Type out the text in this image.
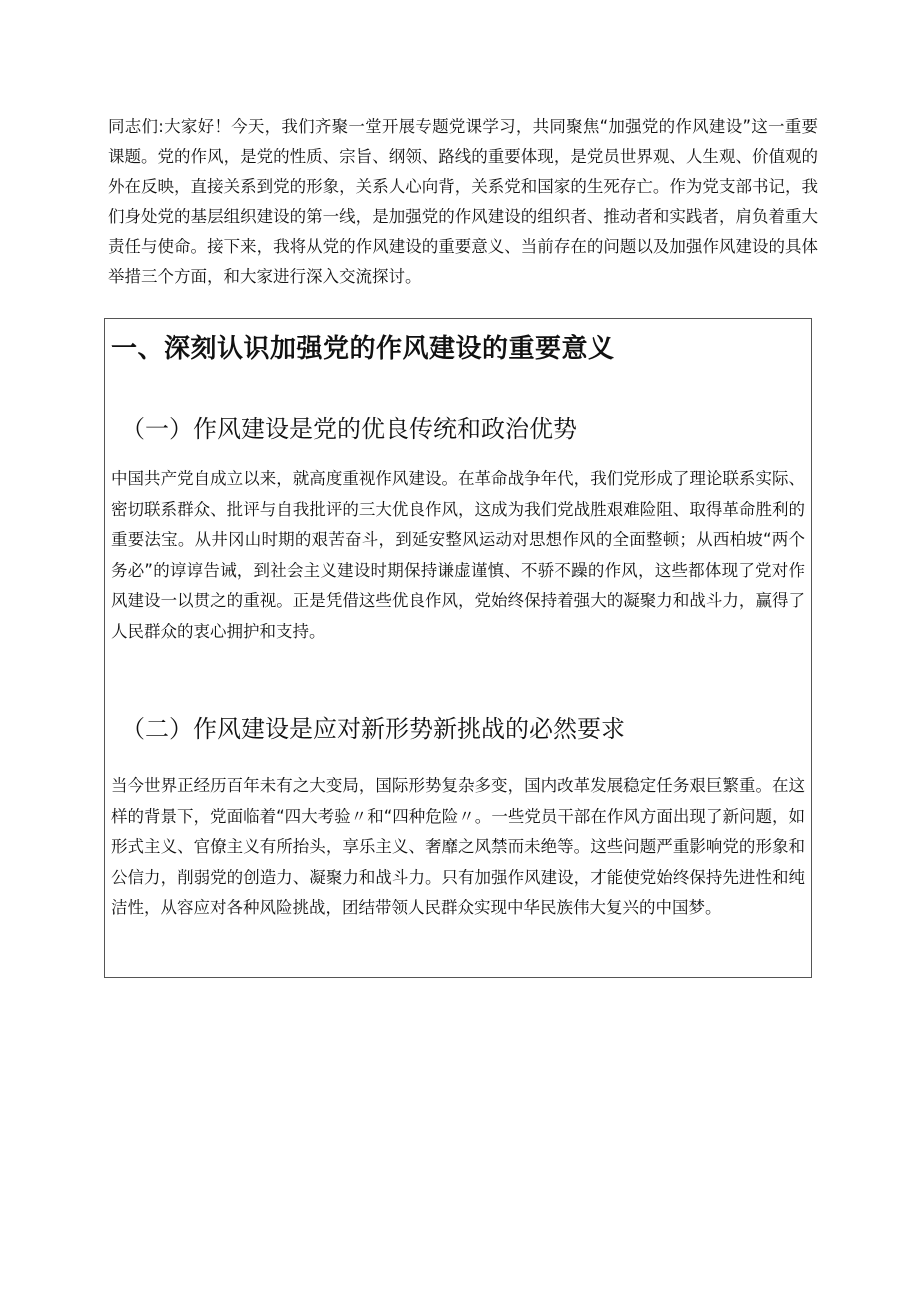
同志们:大家好！今天，我们齐聚一堂开展专题党课学习，共同聚焦“加强党的作风建设”这一重要课题。党的作风，是党的性质、宗旨、纲领、路线的重要体现，是党员世界观、人生观、价值观的外在反映，直接关系到党的形象，关系人心向背，关系党和国家的生死存亡。作为党支部书记，我们身处党的基层组织建设的第一线，是加强党的作风建设的组织者、推动者和实践者，肩负着重大责任与使命。接下来，我将从党的作风建设的重要意义、当前存在的问题以及加强作风建设的具体举措三个方面，和大家进行深入交流探讨。

一、深刻认识加强党的作风建设的重要意义
（一）作风建设是党的优良传统和政治优势

中国共产党自成立以来，就高度重视作风建设。在革命战争年代，我们党形成了理论联系实际、密切联系群众、批评与自我批评的三大优良作风，这成为我们党战胜艰难险阻、取得革命胜利的重要法宝。从井冈山时期的艰苦奋斗，到延安整风运动对思想作风的全面整顿；从西柏坡“两个务必”的谆谆告诫，到社会主义建设时期保持谦虚谨慎、不骄不躁的作风，这些都体现了党对作风建设一以贯之的重视。正是凭借这些优良作风，党始终保持着强大的凝聚力和战斗力，赢得了人民群众的衷心拥护和支持。

（二）作风建设是应对新形势新挑战的必然要求

当今世界正经历百年未有之大变局，国际形势复杂多变，国内改革发展稳定任务艰巨繁重。在这样的背景下，党面临着“四大考验〃和“四种危险〃。一些党员干部在作风方面出现了新问题，如形式主义、官僚主义有所抬头，享乐主义、奢靡之风禁而未绝等。这些问题严重影响党的形象和公信力，削弱党的创造力、凝聚力和战斗力。只有加强作风建设，才能使党始终保持先进性和纯洁性，从容应对各种风险挑战，团结带领人民群众实现中华民族伟大复兴的中国梦。
